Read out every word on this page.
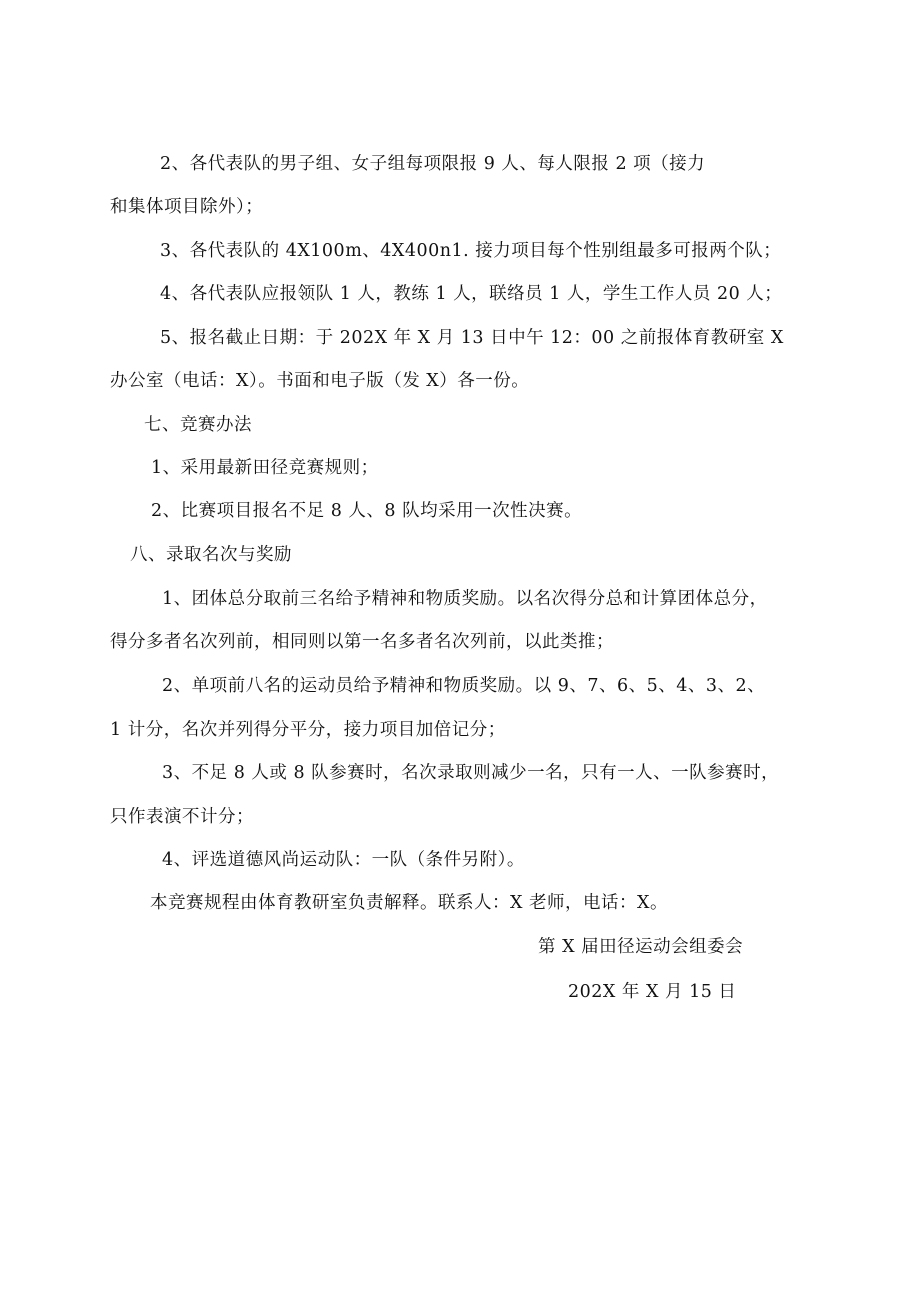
2、各代表队的男子组、女子组每项限报 9 人、每人限报 2 项（接力
和集体项目除外）；
3、各代表队的 4X100m、4X400n1. 接力项目每个性别组最多可报两个队；
4、各代表队应报领队 1 人，教练 1 人，联络员 1 人，学生工作人员 20 人；
5、报名截止日期：于 202X 年 X 月 13 日中午 12：00 之前报体育教研室 X
办公室（电话：X）。书面和电子版（发 X）各一份。
七、竞赛办法
1、采用最新田径竞赛规则；
2、比赛项目报名不足 8 人、8 队均采用一次性决赛。
八、录取名次与奖励
1、团体总分取前三名给予精神和物质奖励。以名次得分总和计算团体总分，
得分多者名次列前，相同则以第一名多者名次列前，以此类推；
2、单项前八名的运动员给予精神和物质奖励。以 9、7、6、5、4、3、2、
1 计分，名次并列得分平分，接力项目加倍记分；
3、不足 8 人或 8 队参赛时，名次录取则减少一名，只有一人、一队参赛时，
只作表演不计分；
4、评选道德风尚运动队：一队（条件另附）。
本竞赛规程由体育教研室负责解释。联系人：X 老师，电话：X。
第 X 届田径运动会组委会
202X 年 X 月 15 日
